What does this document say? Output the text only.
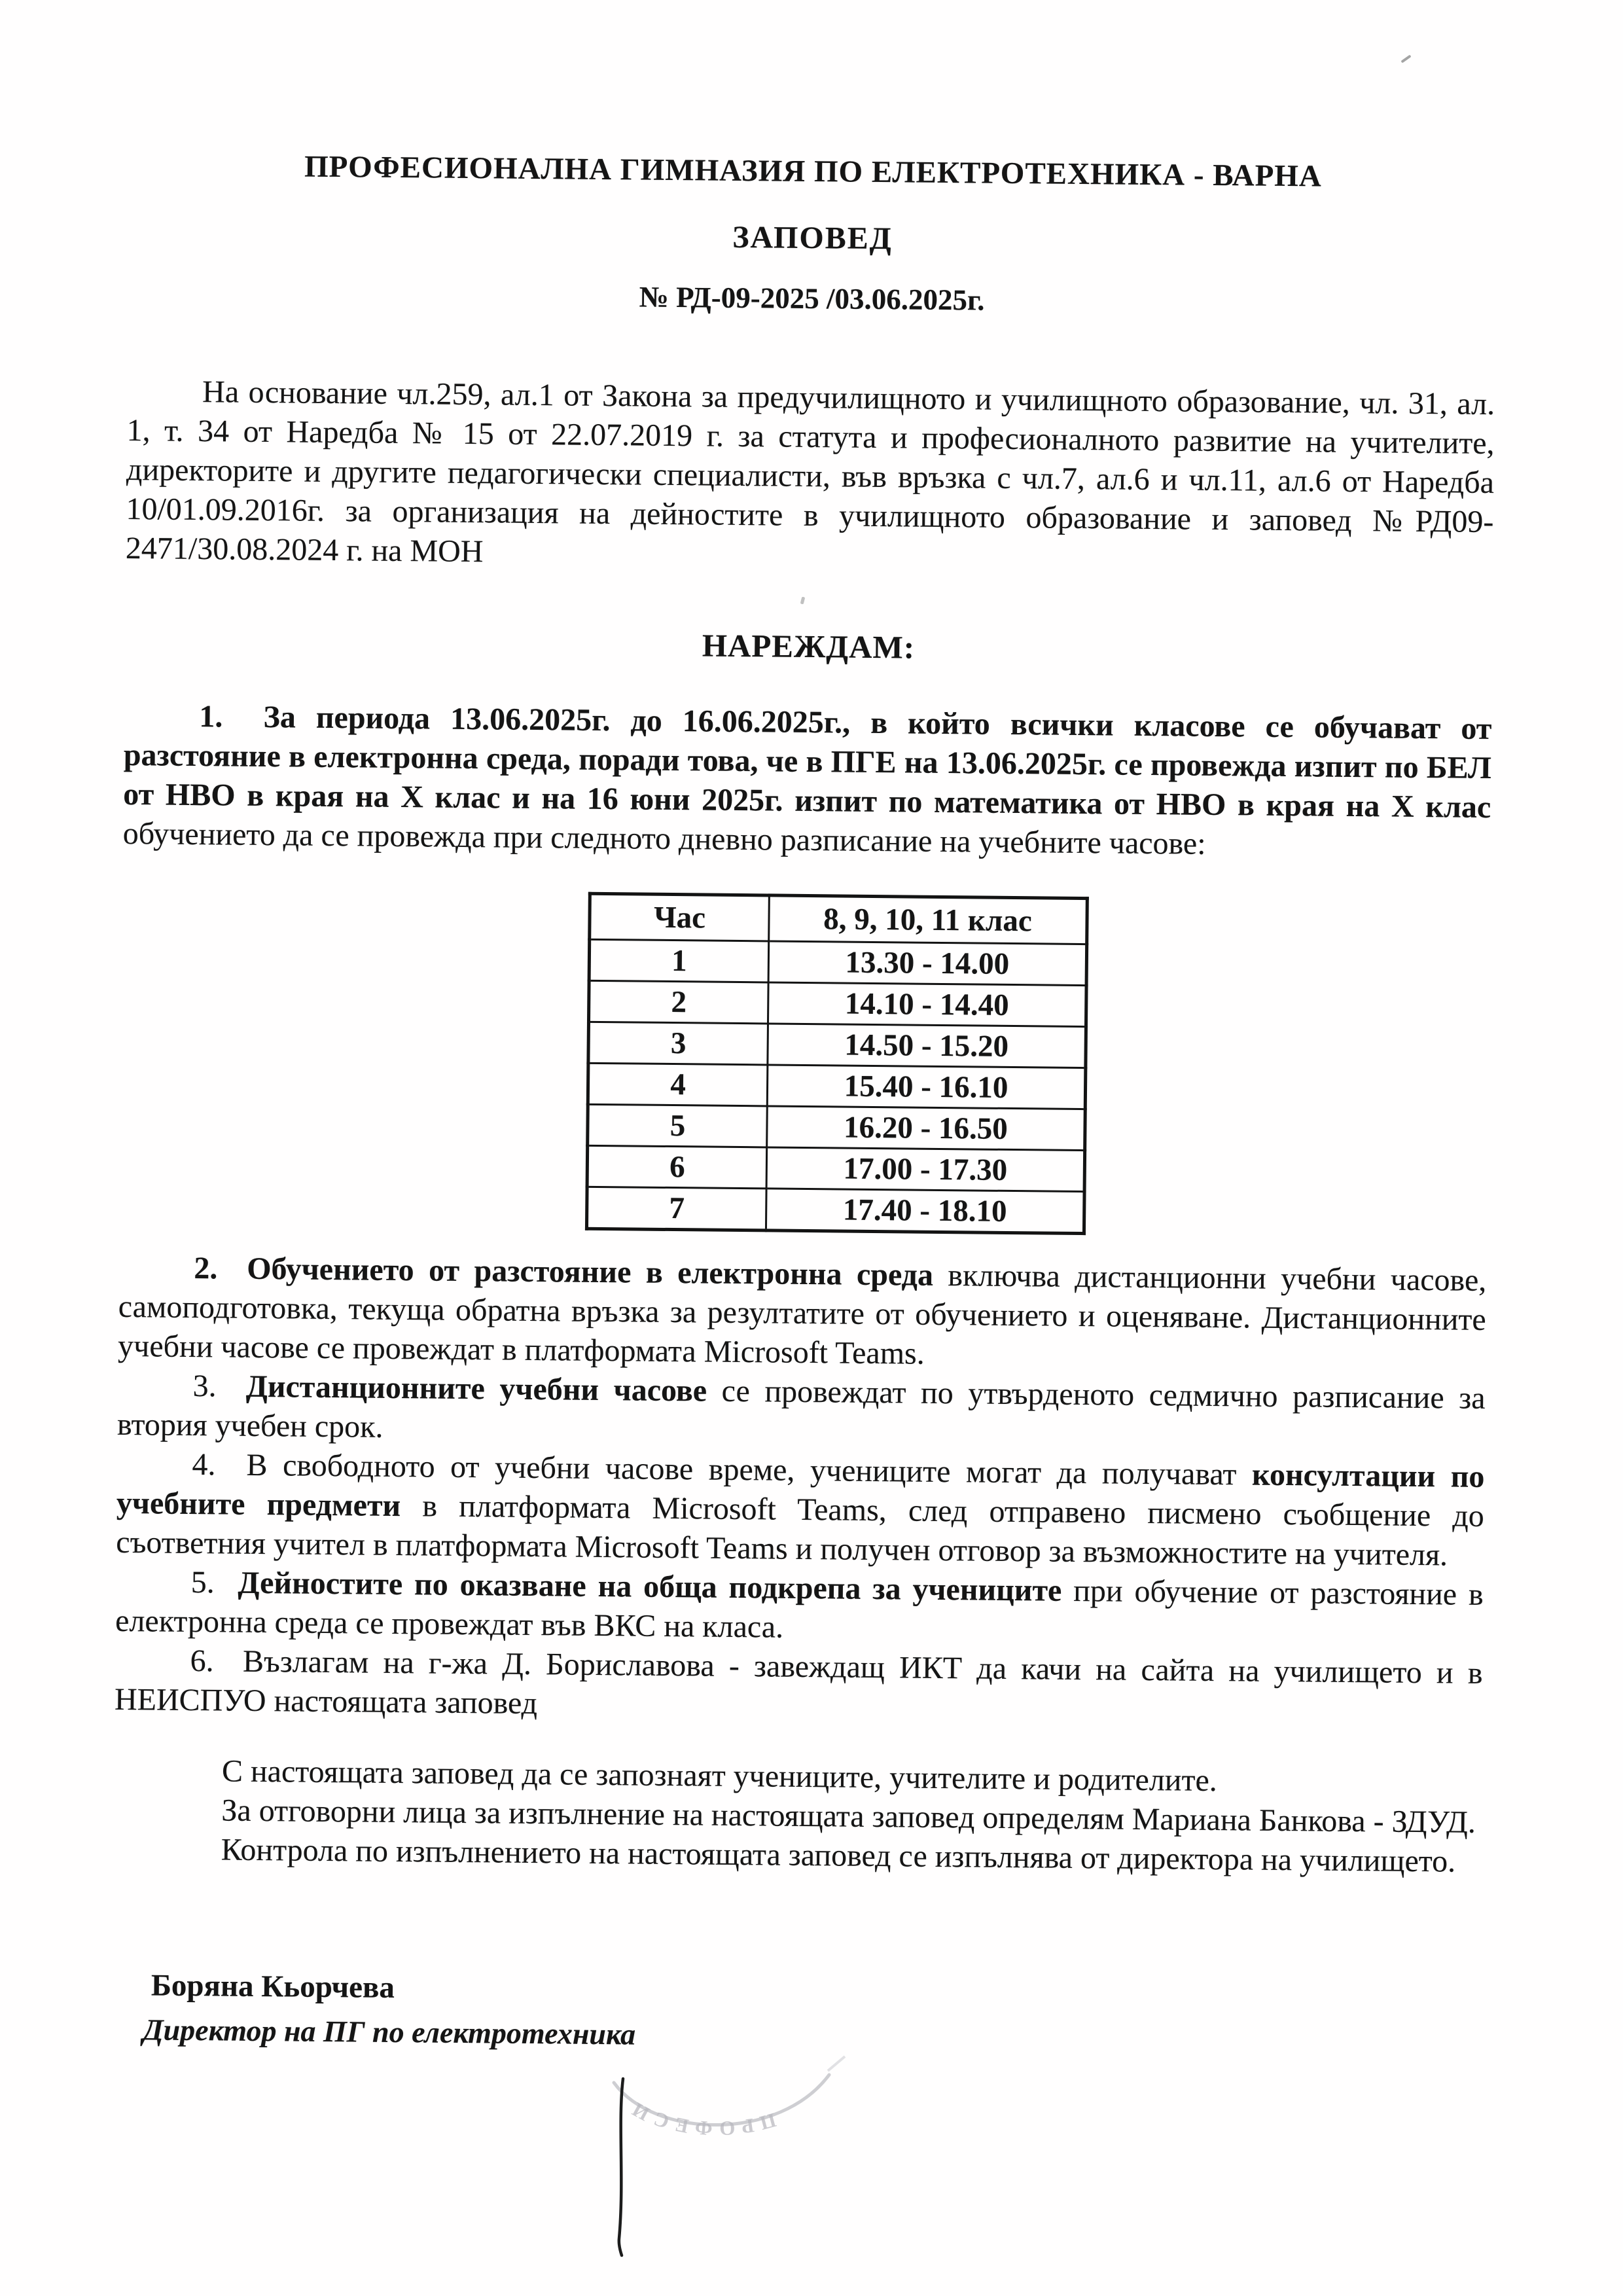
ПРОФЕСИОНАЛНА ГИМНАЗИЯ ПО ЕЛЕКТРОТЕХНИКА - ВАРНА

ЗАПОВЕД

№ РД-09-2025 /03.06.2025г.

На основание чл.259, ал.1 от Закона за предучилищното и училищното образование, чл. 31, ал. 1, т. 34 от Наредба № 15 от 22.07.2019 г. за статута и професионалното развитие на учителите, директорите и другите педагогически специалисти, във връзка с чл.7, ал.6 и чл.11, ал.6 от Наредба 10/01.09.2016г. за организация на дейностите в училищното образование и заповед №РД09-2471/30.08.2024 г. на МОН

НАРЕЖДАМ:

1.  За периода 13.06.2025г. до 16.06.2025г., в който всички класове се обучават от разстояние в електронна среда, поради това, че в ПГЕ на 13.06.2025г. се провежда изпит по БЕЛ от НВО в края на X клас и на 16 юни 2025г. изпит по математика от НВО в края на X клас обучението да се провежда при следното дневно разписание на учебните часове:

Час	8, 9, 10, 11 клас
1	13.30 - 14.00
2	14.10 - 14.40
3	14.50 - 15.20
4	15.40 - 16.10
5	16.20 - 16.50
6	17.00 - 17.30
7	17.40 - 18.10

2.  Обучението от разстояние в електронна среда включва дистанционни учебни часове, самоподготовка, текуща обратна връзка за резултатите от обучението и оценяване. Дистанционните учебни часове се провеждат в платформата Microsoft Teams.

3.  Дистанционните учебни часове се провеждат по утвърденото седмично разписание за втория учебен срок.

4.  В свободното от учебни часове време, учениците могат да получават консултации по учебните предмети в платформата Microsoft Teams, след отправено писмено съобщение до съответния учител в платформата Microsoft Teams и получен отговор за възможностите на учителя.

5.  Дейностите по оказване на обща подкрепа за учениците при обучение от разстояние в електронна среда се провеждат във ВКС на класа.

6.  Възлагам на г-жа Д. Бориславова - завеждащ ИКТ да качи на сайта на училището и в НЕИСПУО настоящата заповед

С настоящата заповед да се запознаят учениците, учителите и родителите.

За отговорни лица за изпълнение на настоящата заповед определям Мариана Банкова - ЗДУД.

Контрола по изпълнението на настоящата заповед се изпълнява от директора на училището.

Боряна Кьорчева

Директор на ПГ по електротехника

ПРОФЕСИ
